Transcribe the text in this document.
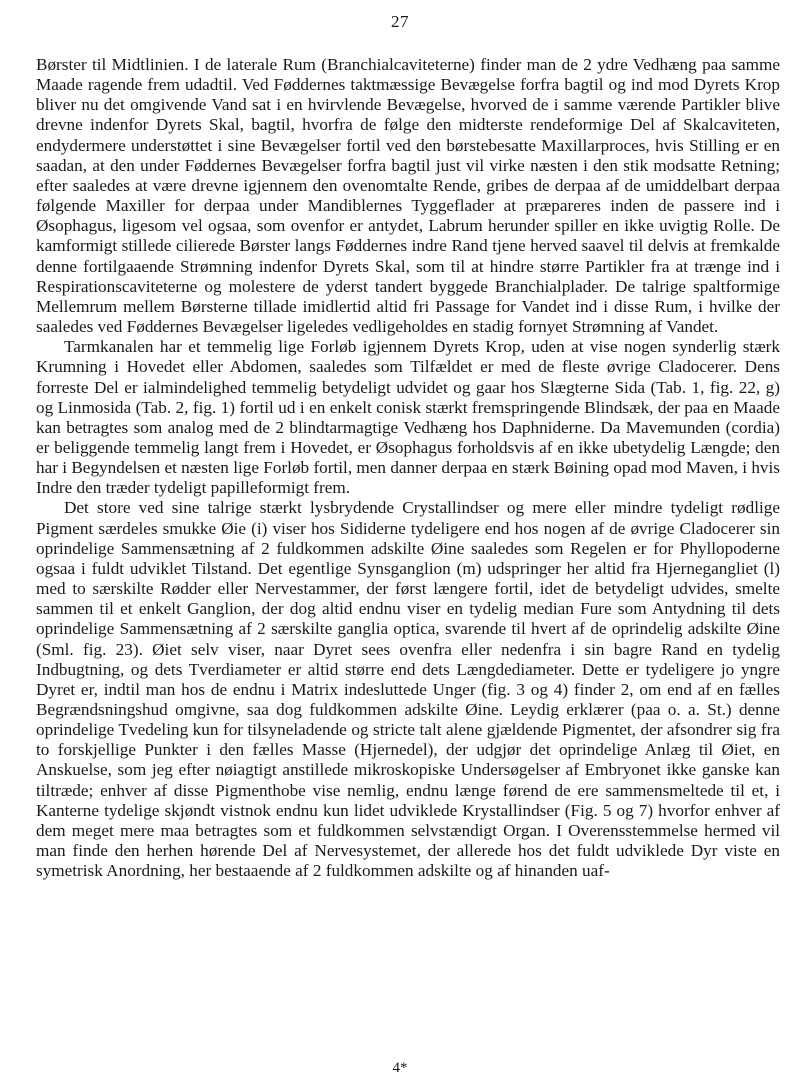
27

Børster til Midtlinien. I de laterale Rum (Branchialcaviteterne) finder man de 2 ydre Vedhæng paa samme Maade ragende frem udadtil. Ved Føddernes taktmæssige Bevægelse forfra bagtil og ind mod Dyrets Krop bliver nu det omgivende Vand sat i en hvirvlende Bevægelse, hvorved de i samme værende Partikler blive drevne indenfor Dyrets Skal, bagtil, hvorfra de følge den midterste rendeformige Del af Skalcaviteten, endydermere understøttet i sine Bevægelser fortil ved den børstebesatte Maxillarproces, hvis Stilling er en saadan, at den under Føddernes Bevægelser forfra bagtil just vil virke næsten i den stik modsatte Retning; efter saaledes at være drevne igjennem den ovenomtalte Rende, gribes de derpaa af de umiddelbart derpaa følgende Maxiller for derpaa under Mandiblernes Tyggeflader at præpareres inden de passere ind i Øsophagus, ligesom vel ogsaa, som ovenfor er antydet, Labrum herunder spiller en ikke uvigtig Rolle. De kamformigt stillede cilierede Børster langs Føddernes indre Rand tjene herved saavel til delvis at fremkalde denne fortilgaaende Strømning indenfor Dyrets Skal, som til at hindre større Partikler fra at trænge ind i Respirationscaviteterne og molestere de yderst tandert byggede Branchialplader. De talrige spaltformige Mellemrum mellem Børsterne tillade imidlertid altid fri Passage for Vandet ind i disse Rum, i hvilke der saaledes ved Føddernes Bevægelser ligeledes vedligeholdes en stadig fornyet Strømning af Vandet.

Tarmkanalen har et temmelig lige Forløb igjennem Dyrets Krop, uden at vise nogen synderlig stærk Krumning i Hovedet eller Abdomen, saaledes som Tilfældet er med de fleste øvrige Cladocerer. Dens forreste Del er ialmindelighed temmelig betydeligt udvidet og gaar hos Slægterne Sida (Tab. 1, fig. 22, g) og Linmosida (Tab. 2, fig. 1) fortil ud i en enkelt conisk stærkt fremspringende Blindsæk, der paa en Maade kan betragtes som analog med de 2 blindtarmagtige Vedhæng hos Daphniderne. Da Mavemunden (cordia) er beliggende temmelig langt frem i Hovedet, er Øsophagus forholdsvis af en ikke ubetydelig Længde; den har i Begyndelsen et næsten lige Forløb fortil, men danner derpaa en stærk Bøining opad mod Maven, i hvis Indre den træder tydeligt papilleformigt frem.

Det store ved sine talrige stærkt lysbrydende Crystallindser og mere eller mindre tydeligt rødlige Pigment særdeles smukke Øie (i) viser hos Sididerne tydeligere end hos nogen af de øvrige Cladocerer sin oprindelige Sammensætning af 2 fuldkommen adskilte Øine saaledes som Regelen er for Phyllopoderne ogsaa i fuldt udviklet Tilstand. Det egentlige Synsganglion (m) udspringer her altid fra Hjernegangliet (l) med to særskilte Rødder eller Nervestammer, der først længere fortil, idet de betydeligt udvides, smelte sammen til et enkelt Ganglion, der dog altid endnu viser en tydelig median Fure som Antydning til dets oprindelige Sammensætning af 2 særskilte ganglia optica, svarende til hvert af de oprindelig adskilte Øine (Sml. fig. 23). Øiet selv viser, naar Dyret sees ovenfra eller nedenfra i sin bagre Rand en tydelig Indbugtning, og dets Tverdiameter er altid større end dets Længdediameter. Dette er tydeligere jo yngre Dyret er, indtil man hos de endnu i Matrix indesluttede Unger (fig. 3 og 4) finder 2, om end af en fælles Begrændsningshud omgivne, saa dog fuldkommen adskilte Øine. Leydig erklærer (paa o. a. St.) denne oprindelige Tvedeling kun for tilsyneladende og stricte talt alene gjældende Pigmentet, der afsondrer sig fra to forskjellige Punkter i den fælles Masse (Hjernedel), der udgjør det oprindelige Anlæg til Øiet, en Anskuelse, som jeg efter nøiagtigt anstillede mikroskopiske Undersøgelser af Embryonet ikke ganske kan tiltræde; enhver af disse Pigmenthobe vise nemlig, endnu længe førend de ere sammensmeltede til et, i Kanterne tydelige skjøndt vistnok endnu kun lidet udviklede Krystallindser (Fig. 5 og 7) hvorfor enhver af dem meget mere maa betragtes som et fuldkommen selvstændigt Organ. I Overensstemmelse hermed vil man finde den herhen hørende Del af Nervesystemet, der allerede hos det fuldt udviklede Dyr viste en symetrisk Anordning, her bestaaende af 2 fuldkommen adskilte og af hinanden uaf-

4*
